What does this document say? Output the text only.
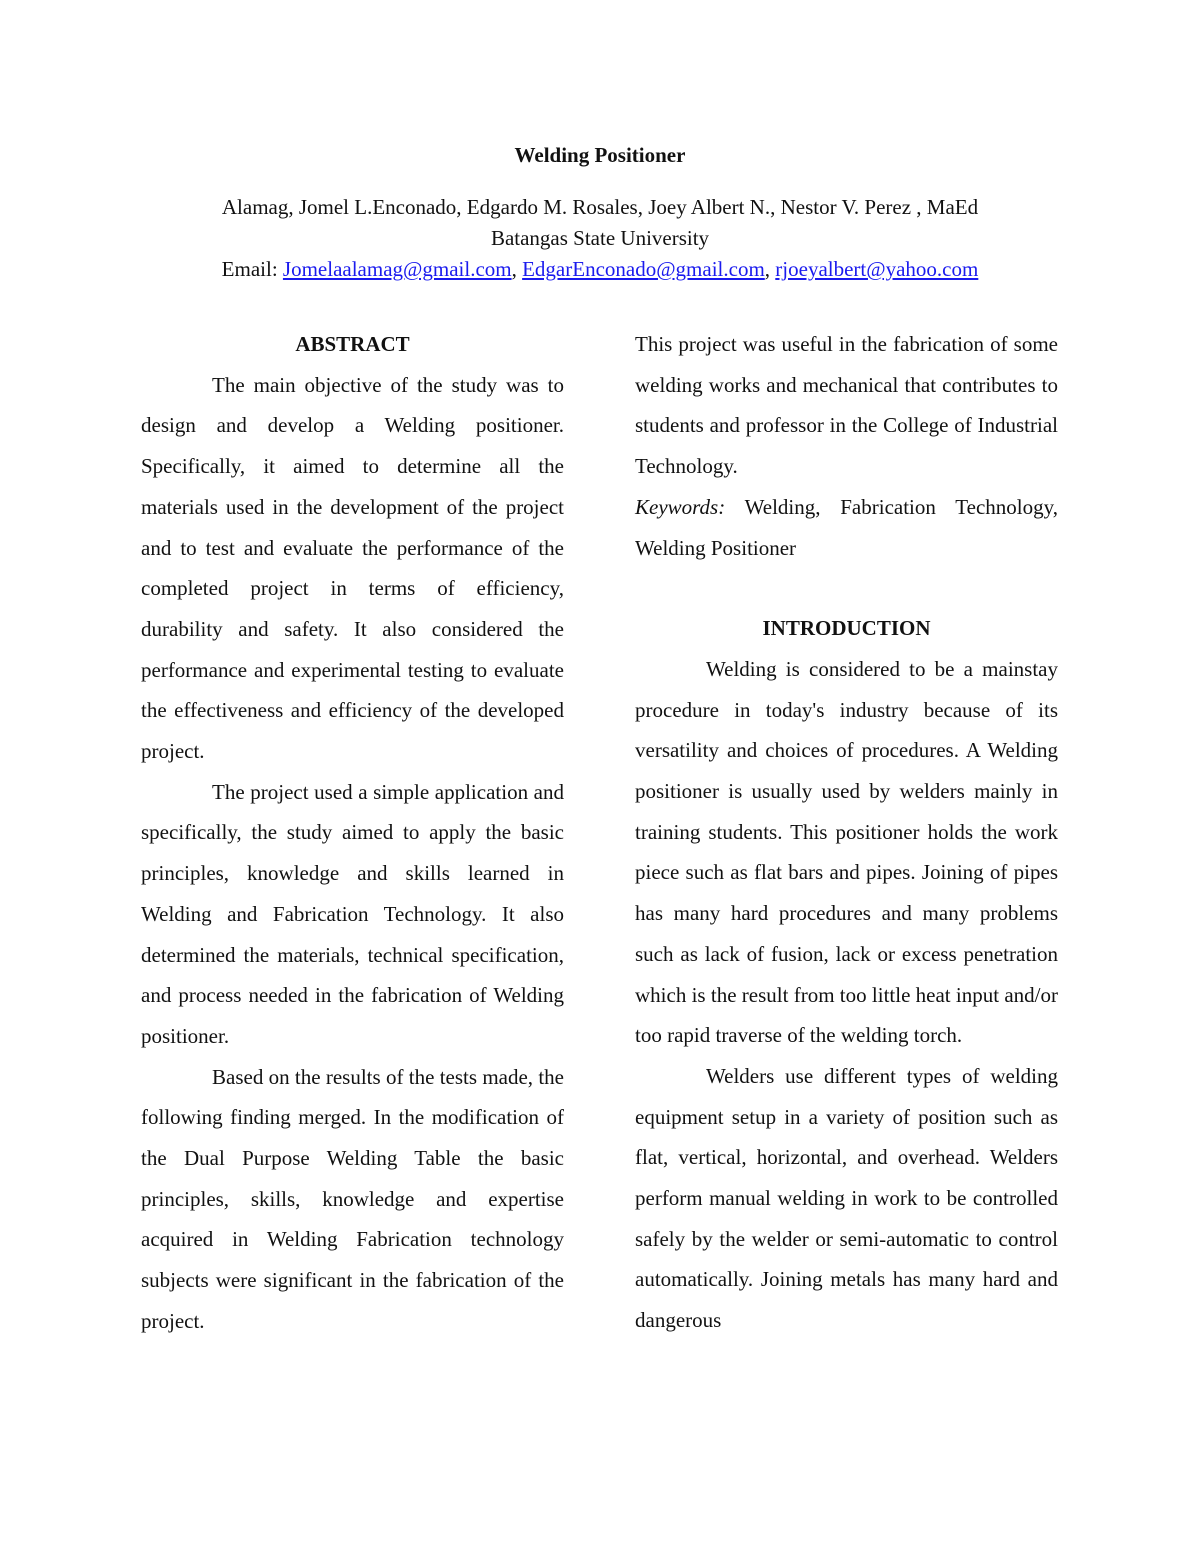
Welding Positioner
Alamag, Jomel L.Enconado, Edgardo M. Rosales, Joey Albert N., Nestor V. Perez , MaEd
Batangas State University
Email: Jomelaalamag@gmail.com, EdgarEnconado@gmail.com, rjoeyalbert@yahoo.com
ABSTRACT

The main objective of the study was to design and develop a Welding positioner. Specifically, it aimed to determine all the materials used in the development of the project and to test and evaluate the performance of the completed project in terms of efficiency, durability and safety. It also considered the performance and experimental testing to evaluate the effectiveness and efficiency of the developed project.

The project used a simple application and specifically, the study aimed to apply the basic principles, knowledge and skills learned in Welding and Fabrication Technology. It also determined the materials, technical specification, and process needed in the fabrication of Welding positioner.

Based on the results of the tests made, the following finding merged. In the modification of the Dual Purpose Welding Table the basic principles, skills, knowledge and expertise acquired in Welding Fabrication technology subjects were significant in the fabrication of the project.

This project was useful in the fabrication of some welding works and mechanical that contributes to students and professor in the College of Industrial Technology.

Keywords: Welding, Fabrication Technology, Welding Positioner

INTRODUCTION

Welding is considered to be a mainstay procedure in today's industry because of its versatility and choices of procedures. A Welding positioner is usually used by welders mainly in training students. This positioner holds the work piece such as flat bars and pipes. Joining of pipes has many hard procedures and many problems such as lack of fusion, lack or excess penetration which is the result from too little heat input and/or too rapid traverse of the welding torch.

Welders use different types of welding equipment setup in a variety of position such as flat, vertical, horizontal, and overhead. Welders perform manual welding in work to be controlled safely by the welder or semi-automatic to control automatically. Joining metals has many hard and dangerous
